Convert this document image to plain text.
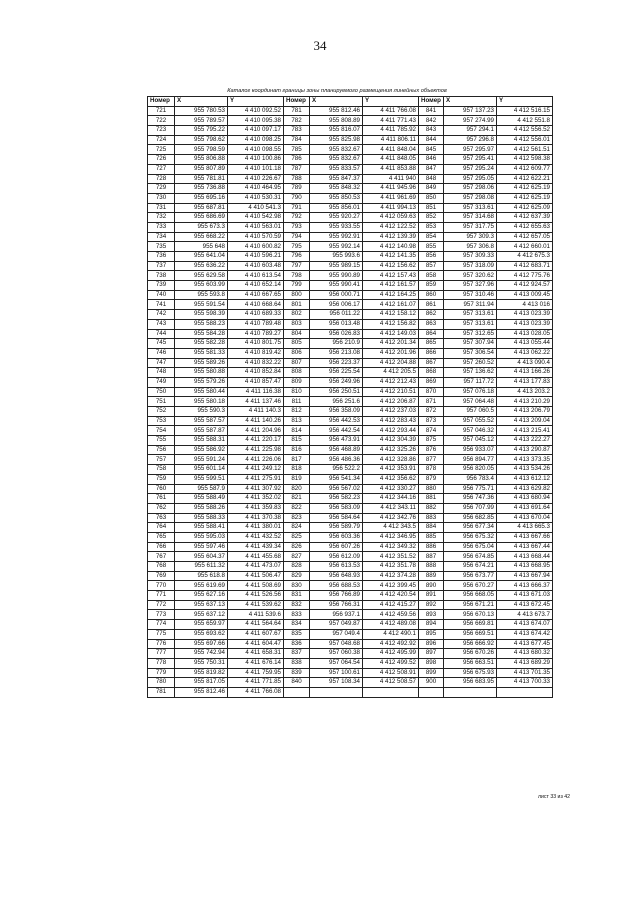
34
Каталог координат границы зоны планируемого размещения линейных объектов
Номер	X	Y	Номер	X	Y	Номер	X	Y
721	955 780.53	4 410 092.52	781	955 812.46	4 411 766.08	841	957 137.23	4 412 516.15
722	955 789.57	4 410 095.38	782	955 808.89	4 411 771.43	842	957 274.99	4 412 551.8
723	955 795.22	4 410 097.17	783	955 816.07	4 411 785.92	843	957 294.1	4 412 556.52
724	955 798.62	4 410 098.25	784	955 825.98	4 411 806.11	844	957 296.8	4 412 556.01
725	955 798.59	4 410 098.55	785	955 832.67	4 411 848.04	845	957 295.97	4 412 561.51
726	955 806.88	4 410 100.86	786	955 832.67	4 411 848.05	846	957 295.41	4 412 598.38
727	955 807.89	4 410 101.18	787	955 833.57	4 411 853.88	847	957 295.24	4 412 609.77
728	955 781.81	4 410 226.67	788	955 847.37	4 411 940	848	957 295.05	4 412 622.21
729	955 736.88	4 410 464.95	789	955 848.32	4 411 945.96	849	957 298.06	4 412 625.19
730	955 695.16	4 410 530.31	790	955 850.53	4 411 961.69	850	957 298.08	4 412 625.19
731	955 687.81	4 410 541.3	791	955 856.01	4 411 994.13	851	957 313.61	4 412 625.09
732	955 686.69	4 410 542.98	792	955 920.27	4 412 059.63	852	957 314.68	4 412 637.39
733	955 673.3	4 410 563.01	793	955 933.55	4 412 122.52	853	957 317.75	4 412 655.63
734	955 668.22	4 410 570.59	794	955 992.91	4 412 139.39	854	957 309.3	4 412 657.05
735	955 648	4 410 600.82	795	955 992.14	4 412 140.98	855	957 306.8	4 412 660.01
736	955 641.04	4 410 596.21	796	955 993.6	4 412 141.35	856	957 309.33	4 412 675.3
737	955 636.22	4 410 603.48	797	955 989.15	4 412 156.62	857	957 318.09	4 412 683.71
738	955 629.58	4 410 613.54	798	955 990.89	4 412 157.43	858	957 320.62	4 412 775.76
739	955 603.99	4 410 652.14	799	955 990.41	4 412 161.57	859	957 327.96	4 412 924.57
740	955 593.8	4 410 667.65	800	956 000.71	4 412 164.25	860	957 310.46	4 413 009.45
741	955 591.54	4 410 668.64	801	956 006.17	4 412 161.07	861	957 311.94	4 413 016
742	955 598.39	4 410 689.33	802	956 011.22	4 412 158.12	862	957 313.61	4 413 023.39
743	955 588.23	4 410 789.48	803	956 013.48	4 412 156.82	863	957 313.61	4 413 023.39
744	955 584.28	4 410 789.27	804	956 026.83	4 412 149.03	864	957 312.65	4 413 028.05
745	955 582.28	4 410 801.75	805	956 210.9	4 412 201.34	865	957 307.94	4 413 055.44
746	955 581.33	4 410 819.42	806	956 213.08	4 412 201.96	866	957 306.54	4 413 062.22
747	955 589.26	4 410 832.22	807	956 223.37	4 412 204.88	867	957 260.52	4 413 090.4
748	955 580.88	4 410 852.84	808	956 225.54	4 412 205.5	868	957 136.62	4 413 166.26
749	955 579.26	4 410 857.47	809	956 249.96	4 412 212.43	869	957 117.72	4 413 177.83
750	955 580.44	4 411 116.38	810	956 250.51	4 412 210.51	870	957 076.18	4 413 203.2
751	955 580.18	4 411 137.46	811	956 251.6	4 412 206.87	871	957 064.48	4 413 210.29
752	955 590.3	4 411 140.3	812	956 358.09	4 412 237.03	872	957 060.5	4 413 206.79
753	955 587.57	4 411 140.26	813	956 442.53	4 412 283.43	873	957 055.52	4 413 209.04
754	955 587.87	4 411 204.96	814	956 442.54	4 412 293.44	874	957 046.32	4 413 215.41
755	955 588.31	4 411 220.17	815	956 473.91	4 412 304.39	875	957 045.12	4 413 222.27
756	955 586.92	4 411 225.98	816	956 468.89	4 412 325.26	876	956 933.07	4 413 290.87
757	955 591.24	4 411 226.06	817	956 486.36	4 412 328.86	877	956 894.77	4 413 373.35
758	955 601.14	4 411 249.12	818	956 522.2	4 412 353.91	878	956 820.05	4 413 534.26
759	955 599.51	4 411 275.91	819	956 541.34	4 412 356.62	879	956 783.4	4 413 612.12
760	955 587.9	4 411 307.92	820	956 567.02	4 412 330.27	880	956 775.71	4 413 629.82
761	955 588.49	4 411 352.02	821	956 582.23	4 412 344.16	881	956 747.36	4 413 680.94
762	955 588.26	4 411 359.83	822	956 583.09	4 412 343.11	882	956 707.99	4 413 691.64
763	955 588.33	4 411 370.38	823	956 584.64	4 412 342.76	883	956 682.85	4 413 670.04
764	955 588.41	4 411 380.01	824	956 589.79	4 412 343.5	884	956 677.34	4 413 665.3
765	955 595.03	4 411 432.52	825	956 603.36	4 412 346.95	885	956 675.32	4 413 667.66
766	955 597.46	4 411 439.34	826	956 607.26	4 412 349.32	886	956 675.04	4 413 667.44
767	955 604.37	4 411 455.68	827	956 612.09	4 412 351.52	887	956 674.85	4 413 668.44
768	955 611.32	4 411 473.07	828	956 613.53	4 412 351.78	888	956 674.21	4 413 668.95
769	955 618.8	4 411 506.47	829	956 648.93	4 412 374.28	889	956 673.77	4 413 667.94
770	955 619.69	4 411 508.69	830	956 688.53	4 412 399.45	890	956 670.27	4 413 666.37
771	955 627.16	4 411 526.56	831	956 766.89	4 412 420.54	891	956 668.05	4 413 671.03
772	955 637.13	4 411 539.62	832	956 766.31	4 412 415.27	892	956 671.21	4 413 672.45
773	955 637.12	4 411 539.6	833	956 937.1	4 412 459.56	893	956 670.13	4 413 673.7
774	955 659.97	4 411 564.64	834	957 049.87	4 412 489.08	894	956 669.81	4 413 674.07
775	955 693.62	4 411 607.67	835	957 049.4	4 412 490.1	895	956 669.51	4 413 674.42
776	955 697.66	4 411 604.47	836	957 048.68	4 412 492.92	896	956 666.92	4 413 677.45
777	955 742.94	4 411 658.31	837	957 060.38	4 412 495.99	897	956 670.26	4 413 680.32
778	955 750.31	4 411 676.14	838	957 064.54	4 412 499.52	898	956 663.51	4 413 689.29
779	955 819.82	4 411 759.95	839	957 100.61	4 412 508.91	899	956 675.93	4 413 701.35
780	955 817.05	4 411 771.85	840	957 108.34	4 412 508.57	900	956 683.95	4 413 700.33
781	955 812.46	4 411 766.08						
лист 33 из 42
